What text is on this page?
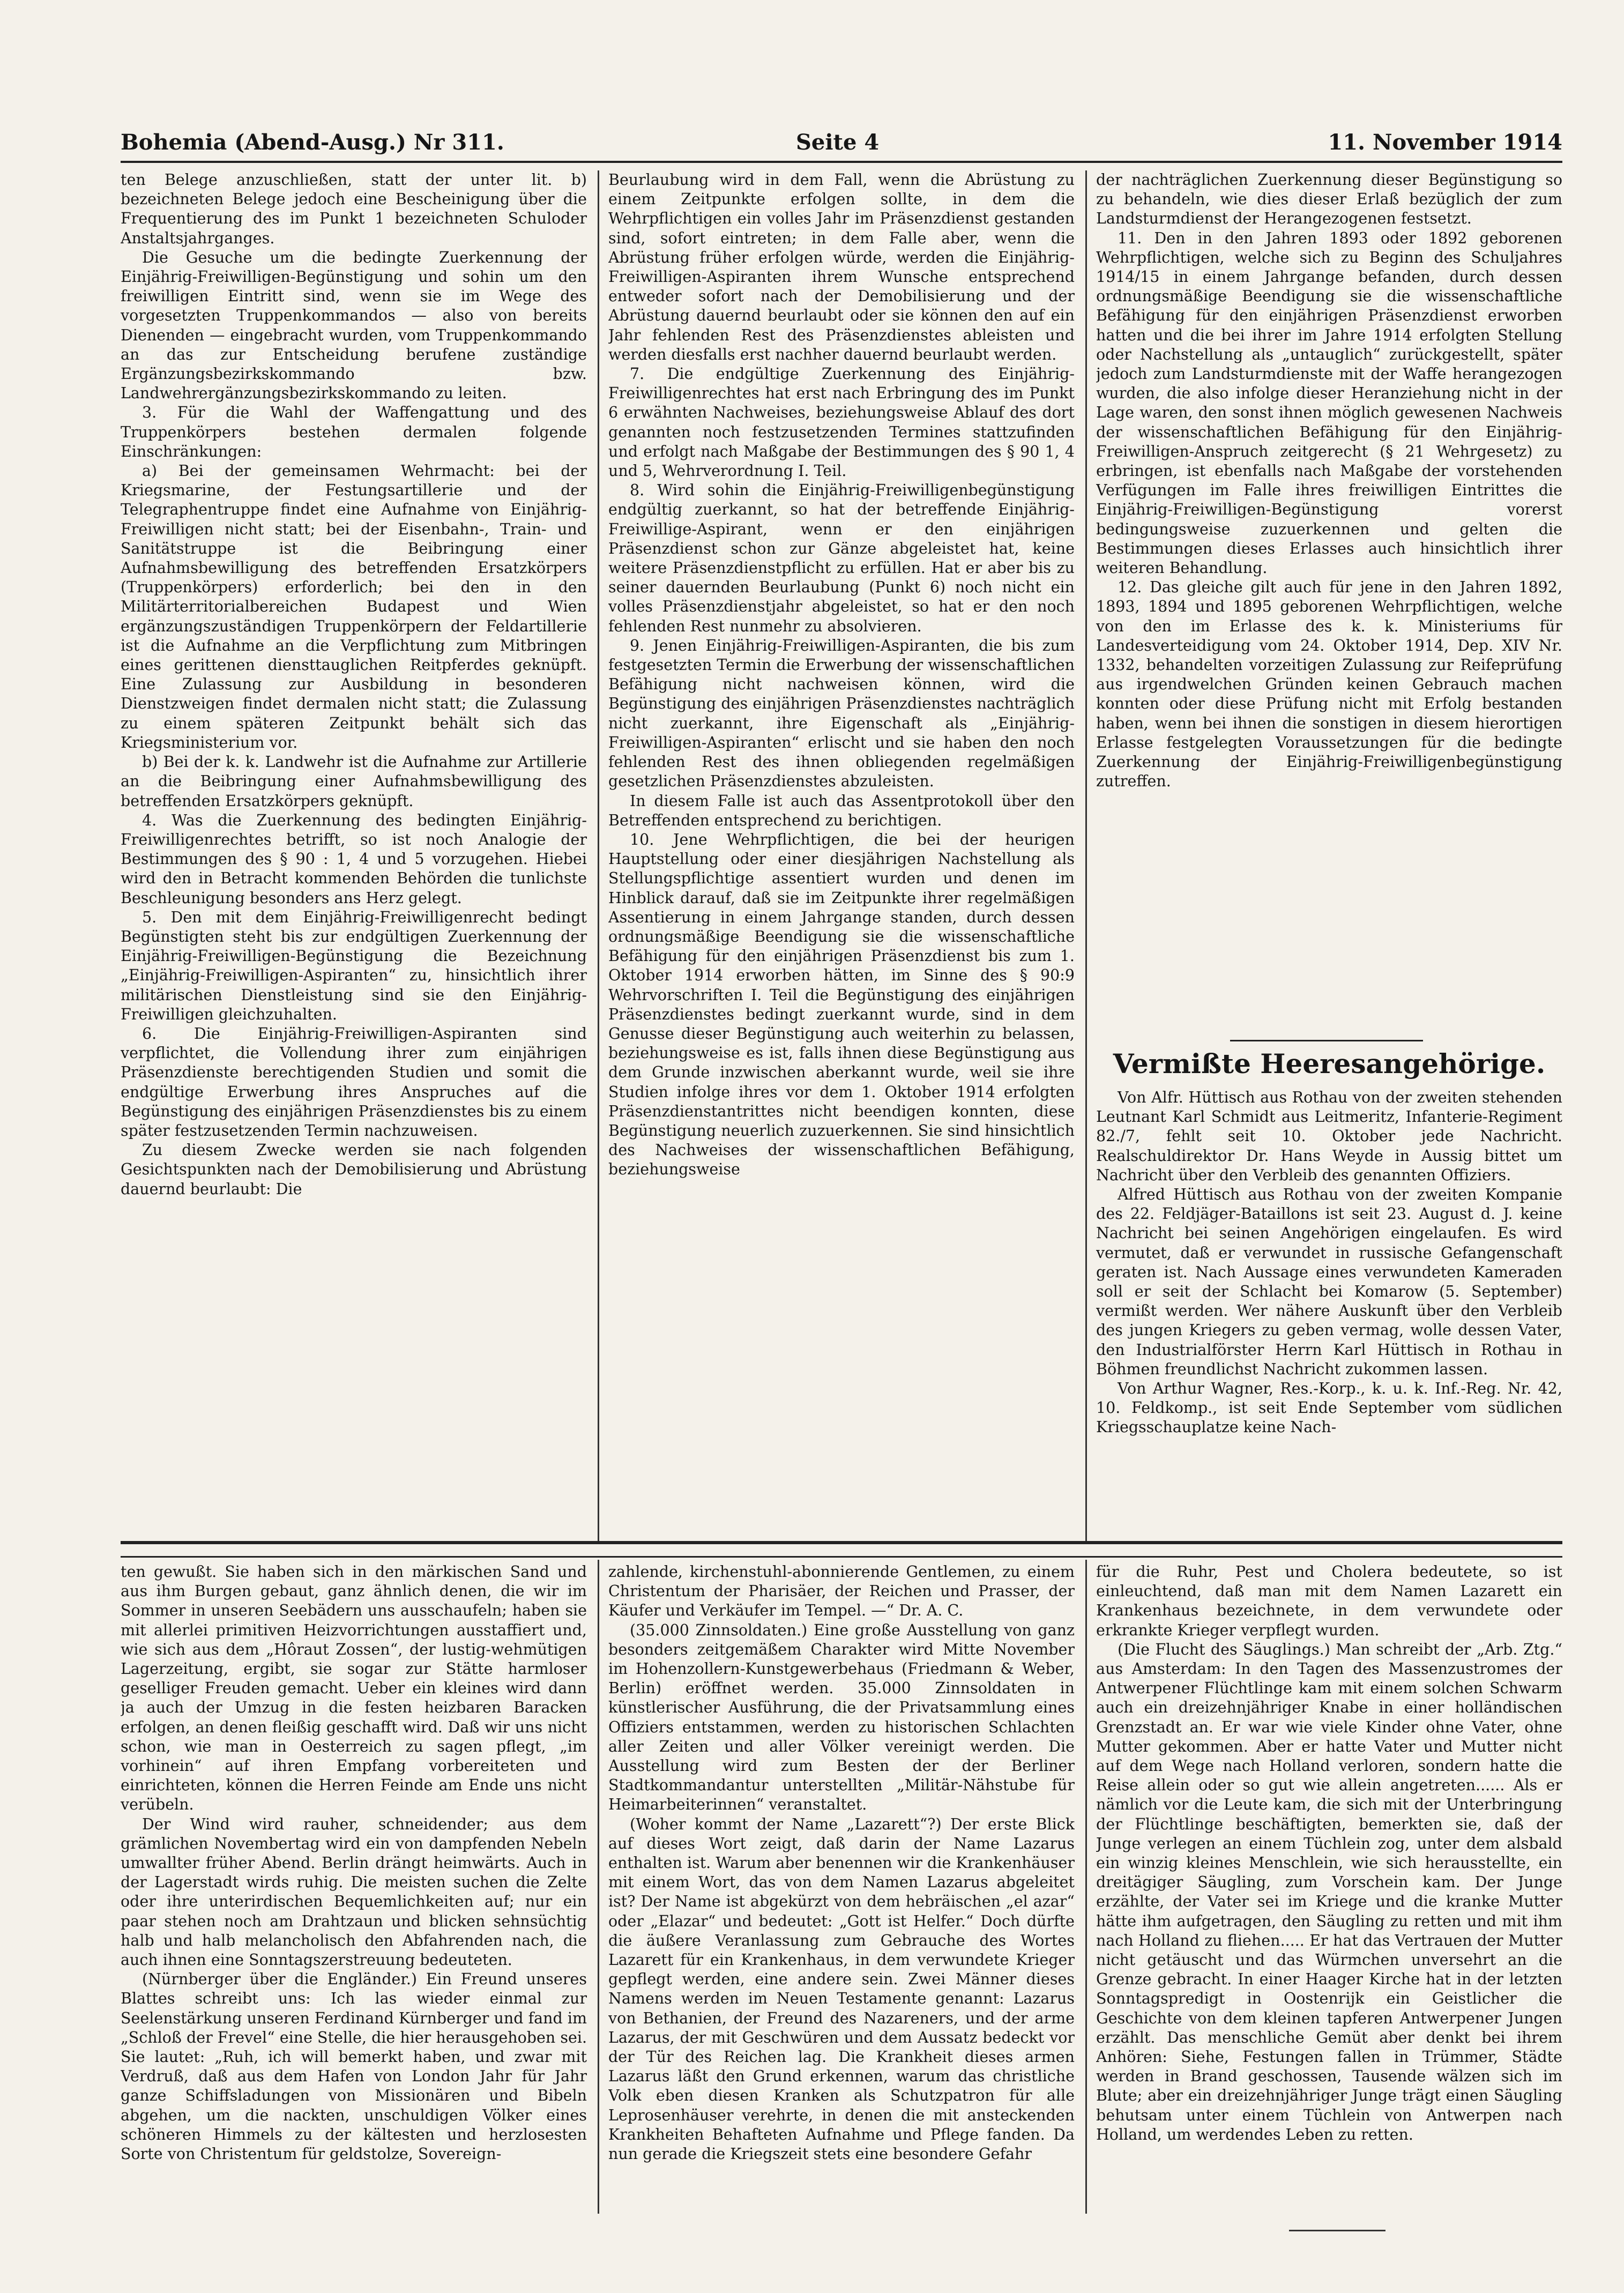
Bohemia (Abend-Ausg.) Nr 311.	Seite 4	11. November 1914

ten Belege anzuschließen, statt der unter lit. b) bezeichneten Belege jedoch eine Bescheinigung über die Frequentierung des im Punkt 1 bezeichneten Schuloder Anstaltsjahrganges.

Die Gesuche um die bedingte Zuerkennung der Einjährig-Freiwilligen-Begünstigung und sohin um den freiwilligen Eintritt sind, wenn sie im Wege des vorgesetzten Truppenkommandos — also von bereits Dienenden — eingebracht wurden, vom Truppenkommando an das zur Entscheidung berufene zuständige Ergänzungsbezirkskommando bzw. Landwehrergänzungsbezirkskommando zu leiten.

3. Für die Wahl der Waffengattung und des Truppenkörpers bestehen dermalen folgende Einschränkungen:

a) Bei der gemeinsamen Wehrmacht: bei der Kriegsmarine, der Festungsartillerie und der Telegraphentruppe findet eine Aufnahme von Einjährig-Freiwilligen nicht statt; bei der Eisenbahn-, Train- und Sanitätstruppe ist die Beibringung einer Aufnahmsbewilligung des betreffenden Ersatzkörpers (Truppenkörpers) erforderlich; bei den in den Militärterritorialbereichen Budapest und Wien ergänzungszuständigen Truppenkörpern der Feldartillerie ist die Aufnahme an die Verpflichtung zum Mitbringen eines gerittenen diensttauglichen Reitpferdes geknüpft. Eine Zulassung zur Ausbildung in besonderen Dienstzweigen findet dermalen nicht statt; die Zulassung zu einem späteren Zeitpunkt behält sich das Kriegsministerium vor.

b) Bei der k. k. Landwehr ist die Aufnahme zur Artillerie an die Beibringung einer Aufnahmsbewilligung des betreffenden Ersatzkörpers geknüpft.

4. Was die Zuerkennung des bedingten Einjährig-Freiwilligenrechtes betrifft, so ist noch Analogie der Bestimmungen des § 90 : 1, 4 und 5 vorzugehen. Hiebei wird den in Betracht kommenden Behörden die tunlichste Beschleunigung besonders ans Herz gelegt.

5. Den mit dem Einjährig-Freiwilligenrecht bedingt Begünstigten steht bis zur endgültigen Zuerkennung der Einjährig-Freiwilligen-Begünstigung die Bezeichnung „Einjährig-Freiwilligen-Aspiranten“ zu, hinsichtlich ihrer militärischen Dienstleistung sind sie den Einjährig-Freiwilligen gleichzuhalten.

6. Die Einjährig-Freiwilligen-Aspiranten sind verpflichtet, die Vollendung ihrer zum einjährigen Präsenzdienste berechtigenden Studien und somit die endgültige Erwerbung ihres Anspruches auf die Begünstigung des einjährigen Präsenzdienstes bis zu einem später festzusetzenden Termin nachzuweisen.

Zu diesem Zwecke werden sie nach folgenden Gesichtspunkten nach der Demobilisierung und Abrüstung dauernd beurlaubt: Die

Beurlaubung wird in dem Fall, wenn die Abrüstung zu einem Zeitpunkte erfolgen sollte, in dem die Wehrpflichtigen ein volles Jahr im Präsenzdienst gestanden sind, sofort eintreten; in dem Falle aber, wenn die Abrüstung früher erfolgen würde, werden die Einjährig-Freiwilligen-Aspiranten ihrem Wunsche entsprechend entweder sofort nach der Demobilisierung und der Abrüstung dauernd beurlaubt oder sie können den auf ein Jahr fehlenden Rest des Präsenzdienstes ableisten und werden diesfalls erst nachher dauernd beurlaubt werden.

7. Die endgültige Zuerkennung des Einjährig-Freiwilligenrechtes hat erst nach Erbringung des im Punkt 6 erwähnten Nachweises, beziehungsweise Ablauf des dort genannten noch festzusetzenden Termines stattzufinden und erfolgt nach Maßgabe der Bestimmungen des § 90 1, 4 und 5, Wehrverordnung I. Teil.

8. Wird sohin die Einjährig-Freiwilligenbegünstigung endgültig zuerkannt, so hat der betreffende Einjährig-Freiwillige-Aspirant, wenn er den einjährigen Präsenzdienst schon zur Gänze abgeleistet hat, keine weitere Präsenzdienstpflicht zu erfüllen. Hat er aber bis zu seiner dauernden Beurlaubung (Punkt 6) noch nicht ein volles Präsenzdienstjahr abgeleistet, so hat er den noch fehlenden Rest nunmehr zu absolvieren.

9. Jenen Einjährig-Freiwilligen-Aspiranten, die bis zum festgesetzten Termin die Erwerbung der wissenschaftlichen Befähigung nicht nachweisen können, wird die Begünstigung des einjährigen Präsenzdienstes nachträglich nicht zuerkannt, ihre Eigenschaft als „Einjährig-Freiwilligen-Aspiranten“ erlischt und sie haben den noch fehlenden Rest des ihnen obliegenden regelmäßigen gesetzlichen Präsenzdienstes abzuleisten.

In diesem Falle ist auch das Assentprotokoll über den Betreffenden entsprechend zu berichtigen.

10. Jene Wehrpflichtigen, die bei der heurigen Hauptstellung oder einer diesjährigen Nachstellung als Stellungspflichtige assentiert wurden und denen im Hinblick darauf, daß sie im Zeitpunkte ihrer regelmäßigen Assentierung in einem Jahrgange standen, durch dessen ordnungsmäßige Beendigung sie die wissenschaftliche Befähigung für den einjährigen Präsenzdienst bis zum 1. Oktober 1914 erworben hätten, im Sinne des § 90:9 Wehrvorschriften I. Teil die Begünstigung des einjährigen Präsenzdienstes bedingt zuerkannt wurde, sind in dem Genusse dieser Begünstigung auch weiterhin zu belassen, beziehungsweise es ist, falls ihnen diese Begünstigung aus dem Grunde inzwischen aberkannt wurde, weil sie ihre Studien infolge ihres vor dem 1. Oktober 1914 erfolgten Präsenzdienstantrittes nicht beendigen konnten, diese Begünstigung neuerlich zuzuerkennen. Sie sind hinsichtlich des Nachweises der wissenschaftlichen Befähigung, beziehungsweise

der nachträglichen Zuerkennung dieser Begünstigung so zu behandeln, wie dies dieser Erlaß bezüglich der zum Landsturmdienst der Herangezogenen festsetzt.

11. Den in den Jahren 1893 oder 1892 geborenen Wehrpflichtigen, welche sich zu Beginn des Schuljahres 1914/15 in einem Jahrgange befanden, durch dessen ordnungsmäßige Beendigung sie die wissenschaftliche Befähigung für den einjährigen Präsenzdienst erworben hatten und die bei ihrer im Jahre 1914 erfolgten Stellung oder Nachstellung als „untauglich“ zurückgestellt, später jedoch zum Landsturmdienste mit der Waffe herangezogen wurden, die also infolge dieser Heranziehung nicht in der Lage waren, den sonst ihnen möglich gewesenen Nachweis der wissenschaftlichen Befähigung für den Einjährig-Freiwilligen-Anspruch zeitgerecht (§ 21 Wehrgesetz) zu erbringen, ist ebenfalls nach Maßgabe der vorstehenden Verfügungen im Falle ihres freiwilligen Eintrittes die Einjährig-Freiwilligen-Begünstigung vorerst bedingungsweise zuzuerkennen und gelten die Bestimmungen dieses Erlasses auch hinsichtlich ihrer weiteren Behandlung.

12. Das gleiche gilt auch für jene in den Jahren 1892, 1893, 1894 und 1895 geborenen Wehrpflichtigen, welche von den im Erlasse des k. k. Ministeriums für Landesverteidigung vom 24. Oktober 1914, Dep. XIV Nr. 1332, behandelten vorzeitigen Zulassung zur Reifeprüfung aus irgendwelchen Gründen keinen Gebrauch machen konnten oder diese Prüfung nicht mit Erfolg bestanden haben, wenn bei ihnen die sonstigen in diesem hierortigen Erlasse festgelegten Voraussetzungen für die bedingte Zuerkennung der Einjährig-Freiwilligenbegünstigung zutreffen.

Vermißte Heeresangehörige.

Von Alfr. Hüttisch aus Rothau von der zweiten stehenden Leutnant Karl Schmidt aus Leitmeritz, Infanterie-Regiment 82./7, fehlt seit 10. Oktober jede Nachricht. Realschuldirektor Dr. Hans Weyde in Aussig bittet um Nachricht über den Verbleib des genannten Offiziers.

Alfred Hüttisch aus Rothau von der zweiten Kompanie des 22. Feldjäger-Bataillons ist seit 23. August d. J. keine Nachricht bei seinen Angehörigen eingelaufen. Es wird vermutet, daß er verwundet in russische Gefangenschaft geraten ist. Nach Aussage eines verwundeten Kameraden soll er seit der Schlacht bei Komarow (5. September) vermißt werden. Wer nähere Auskunft über den Verbleib des jungen Kriegers zu geben vermag, wolle dessen Vater, den Industrialförster Herrn Karl Hüttisch in Rothau in Böhmen freundlichst Nachricht zukommen lassen.

Von Arthur Wagner, Res.-Korp., k. u. k. Inf.-Reg. Nr. 42, 10. Feldkomp., ist seit Ende September vom südlichen Kriegsschauplatze keine Nach-

ten gewußt. Sie haben sich in den märkischen Sand und aus ihm Burgen gebaut, ganz ähnlich denen, die wir im Sommer in unseren Seebädern uns ausschaufeln; haben sie mit allerlei primitiven Heizvorrichtungen ausstaffiert und, wie sich aus dem „Hôraut Zossen“, der lustig-wehmütigen Lagerzeitung, ergibt, sie sogar zur Stätte harmloser geselliger Freuden gemacht. Ueber ein kleines wird dann ja auch der Umzug in die festen heizbaren Baracken erfolgen, an denen fleißig geschafft wird. Daß wir uns nicht schon, wie man in Oesterreich zu sagen pflegt, „im vorhinein“ auf ihren Empfang vorbereiteten und einrichteten, können die Herren Feinde am Ende uns nicht verübeln.

Der Wind wird rauher, schneidender; aus dem grämlichen Novembertag wird ein von dampfenden Nebeln umwallter früher Abend. Berlin drängt heimwärts. Auch in der Lagerstadt wirds ruhig. Die meisten suchen die Zelte oder ihre unterirdischen Bequemlichkeiten auf; nur ein paar stehen noch am Drahtzaun und blicken sehnsüchtig halb und halb melancholisch den Abfahrenden nach, die auch ihnen eine Sonntagszerstreuung bedeuteten.

(Nürnberger über die Engländer.) Ein Freund unseres Blattes schreibt uns: Ich las wieder einmal zur Seelenstärkung unseren Ferdinand Kürnberger und fand im „Schloß der Frevel“ eine Stelle, die hier herausgehoben sei. Sie lautet: „Ruh, ich will bemerkt haben, und zwar mit Verdruß, daß aus dem Hafen von London Jahr für Jahr ganze Schiffsladungen von Missionären und Bibeln abgehen, um die nackten, unschuldigen Völker eines schöneren Himmels zu der kältesten und herzlosesten Sorte von Christentum für geldstolze, Sovereign-

zahlende, kirchenstuhl-abonnierende Gentlemen, zu einem Christentum der Pharisäer, der Reichen und Prasser, der Käufer und Verkäufer im Tempel. —“ Dr. A. C.

(35.000 Zinnsoldaten.) Eine große Ausstellung von ganz besonders zeitgemäßem Charakter wird Mitte November im Hohenzollern-Kunstgewerbehaus (Friedmann & Weber, Berlin) eröffnet werden. 35.000 Zinnsoldaten in künstlerischer Ausführung, die der Privatsammlung eines Offiziers entstammen, werden zu historischen Schlachten aller Zeiten und aller Völker vereinigt werden. Die Ausstellung wird zum Besten der der Berliner Stadtkommandantur unterstellten „Militär-Nähstube für Heimarbeiterinnen“ veranstaltet.

(Woher kommt der Name „Lazarett“?) Der erste Blick auf dieses Wort zeigt, daß darin der Name Lazarus enthalten ist. Warum aber benennen wir die Krankenhäuser mit einem Wort, das von dem Namen Lazarus abgeleitet ist? Der Name ist abgekürzt von dem hebräischen „el azar“ oder „Elazar“ und bedeutet: „Gott ist Helfer.“ Doch dürfte die äußere Veranlassung zum Gebrauche des Wortes Lazarett für ein Krankenhaus, in dem verwundete Krieger gepflegt werden, eine andere sein. Zwei Männer dieses Namens werden im Neuen Testamente genannt: Lazarus von Bethanien, der Freund des Nazareners, und der arme Lazarus, der mit Geschwüren und dem Aussatz bedeckt vor der Tür des Reichen lag. Die Krankheit dieses armen Lazarus läßt den Grund erkennen, warum das christliche Volk eben diesen Kranken als Schutzpatron für alle Leprosenhäuser verehrte, in denen die mit ansteckenden Krankheiten Behafteten Aufnahme und Pflege fanden. Da nun gerade die Kriegszeit stets eine besondere Gefahr

für die Ruhr, Pest und Cholera bedeutete, so ist einleuchtend, daß man mit dem Namen Lazarett ein Krankenhaus bezeichnete, in dem verwundete oder erkrankte Krieger verpflegt wurden.

(Die Flucht des Säuglings.) Man schreibt der „Arb. Ztg.“ aus Amsterdam: In den Tagen des Massenzustromes der Antwerpener Flüchtlinge kam mit einem solchen Schwarm auch ein dreizehnjähriger Knabe in einer holländischen Grenzstadt an. Er war wie viele Kinder ohne Vater, ohne Mutter gekommen. Aber er hatte Vater und Mutter nicht auf dem Wege nach Holland verloren, sondern hatte die Reise allein oder so gut wie allein angetreten...... Als er nämlich vor die Leute kam, die sich mit der Unterbringung der Flüchtlinge beschäftigten, bemerkten sie, daß der Junge verlegen an einem Tüchlein zog, unter dem alsbald ein winzig kleines Menschlein, wie sich herausstellte, ein dreitägiger Säugling, zum Vorschein kam. Der Junge erzählte, der Vater sei im Kriege und die kranke Mutter hätte ihm aufgetragen, den Säugling zu retten und mit ihm nach Holland zu fliehen..... Er hat das Vertrauen der Mutter nicht getäuscht und das Würmchen unversehrt an die Grenze gebracht. In einer Haager Kirche hat in der letzten Sonntagspredigt in Oostenrijk ein Geistlicher die Geschichte von dem kleinen tapferen Antwerpener Jungen erzählt. Das menschliche Gemüt aber denkt bei ihrem Anhören: Siehe, Festungen fallen in Trümmer, Städte werden in Brand geschossen, Tausende wälzen sich im Blute; aber ein dreizehnjähriger Junge trägt einen Säugling behutsam unter einem Tüchlein von Antwerpen nach Holland, um werdendes Leben zu retten.
